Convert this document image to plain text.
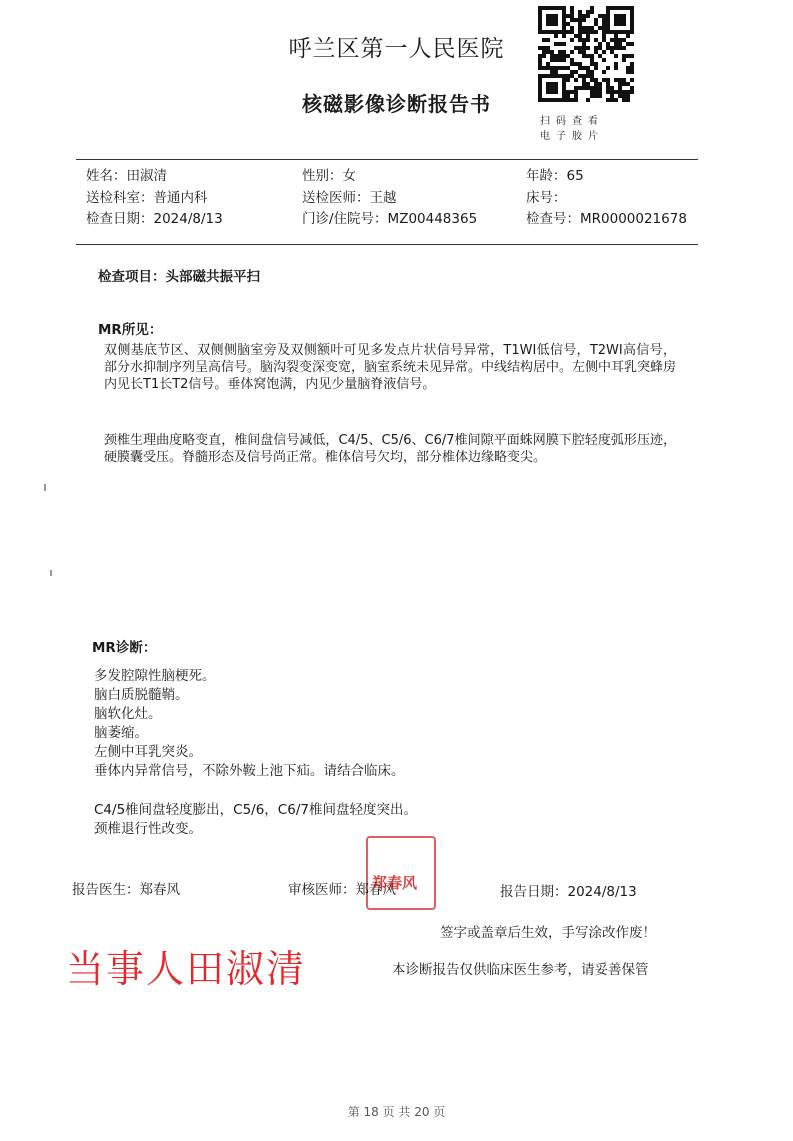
呼兰区第一人民医院
核磁影像诊断报告书
扫码查看
电子胶片
姓名：田淑清	性别：女	年龄：65
送检科室：普通内科	送检医师：王越	床号：
检查日期：2024/8/13	门诊/住院号：MZ00448365	检查号：MR0000021678
检查项目：头部磁共振平扫
MR所见：
双侧基底节区、双侧侧脑室旁及双侧额叶可见多发点片状信号异常，T1WI低信号，T2WI高信号，部分水抑制序列呈高信号。脑沟裂变深变宽，脑室系统未见异常。中线结构居中。左侧中耳乳突蜂房内见长T1长T2信号。垂体窝饱满，内见少量脑脊液信号。
颈椎生理曲度略变直，椎间盘信号减低，C4/5、C5/6、C6/7椎间隙平面蛛网膜下腔轻度弧形压迹，硬膜囊受压。脊髓形态及信号尚正常。椎体信号欠均，部分椎体边缘略变尖。
MR诊断：
多发腔隙性脑梗死。
脑白质脱髓鞘。
脑软化灶。
脑萎缩。
左侧中耳乳突炎。
垂体内异常信号，不除外鞍上池下疝。请结合临床。
C4/5椎间盘轻度膨出，C5/6，C6/7椎间盘轻度突出。
颈椎退行性改变。
报告医生：郑春风	审核医师：郑春风
郑春风	报告日期：2024/8/13
签字或盖章后生效，手写涂改作废！
本诊断报告仅供临床医生参考，请妥善保管
当事人田淑清
第 18 页 共 20 页
